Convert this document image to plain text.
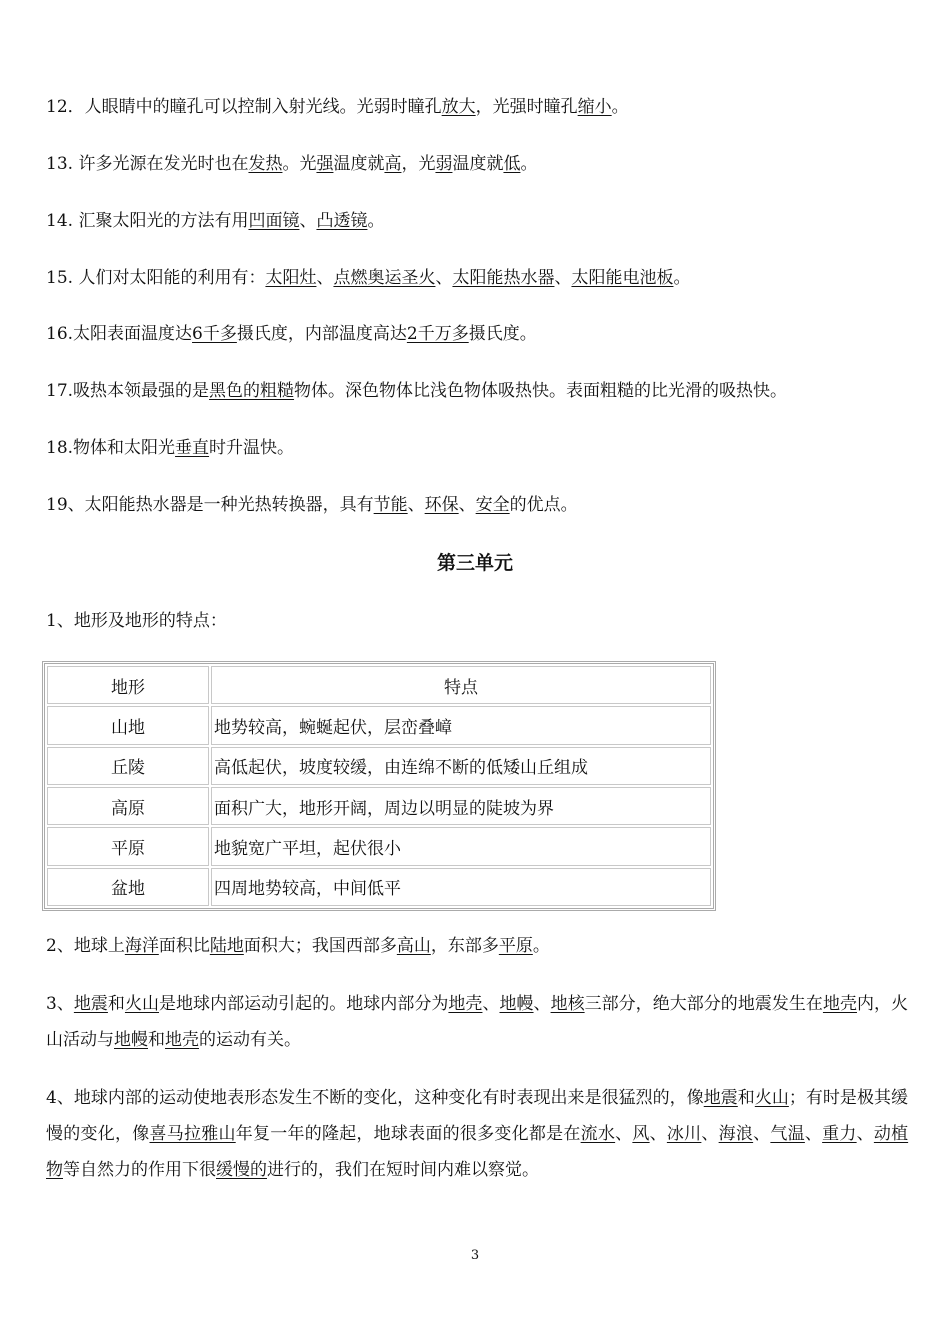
12．人眼睛中的瞳孔可以控制入射光线。光弱时瞳孔放大，光强时瞳孔缩小。
13. 许多光源在发光时也在发热。光强温度就高，光弱温度就低。
14. 汇聚太阳光的方法有用凹面镜、凸透镜。
15. 人们对太阳能的利用有：太阳灶、点燃奥运圣火、太阳能热水器、太阳能电池板。
16.太阳表面温度达6千多摄氏度，内部温度高达2千万多摄氏度。
17.吸热本领最强的是黑色的粗糙物体。深色物体比浅色物体吸热快。表面粗糙的比光滑的吸热快。
18.物体和太阳光垂直时升温快。
19、太阳能热水器是一种光热转换器，具有节能、环保、安全的优点。
第三单元
1、地形及地形的特点：
地形	特点
山地	地势较高，蜿蜒起伏，层峦叠嶂
丘陵	高低起伏，坡度较缓，由连绵不断的低矮山丘组成
高原	面积广大，地形开阔，周边以明显的陡坡为界
平原	地貌宽广平坦，起伏很小
盆地	四周地势较高，中间低平
2、地球上海洋面积比陆地面积大；我国西部多高山，东部多平原。
3、地震和火山是地球内部运动引起的。地球内部分为地壳、地幔、地核三部分，绝大部分的地震发生在地壳内，火山活动与地幔和地壳的运动有关。
4、地球内部的运动使地表形态发生不断的变化，这种变化有时表现出来是很猛烈的，像地震和火山；有时是极其缓慢的变化，像喜马拉雅山年复一年的隆起，地球表面的很多变化都是在流水、风、冰川、海浪、气温、重力、动植物等自然力的作用下很缓慢的进行的，我们在短时间内难以察觉。
3
